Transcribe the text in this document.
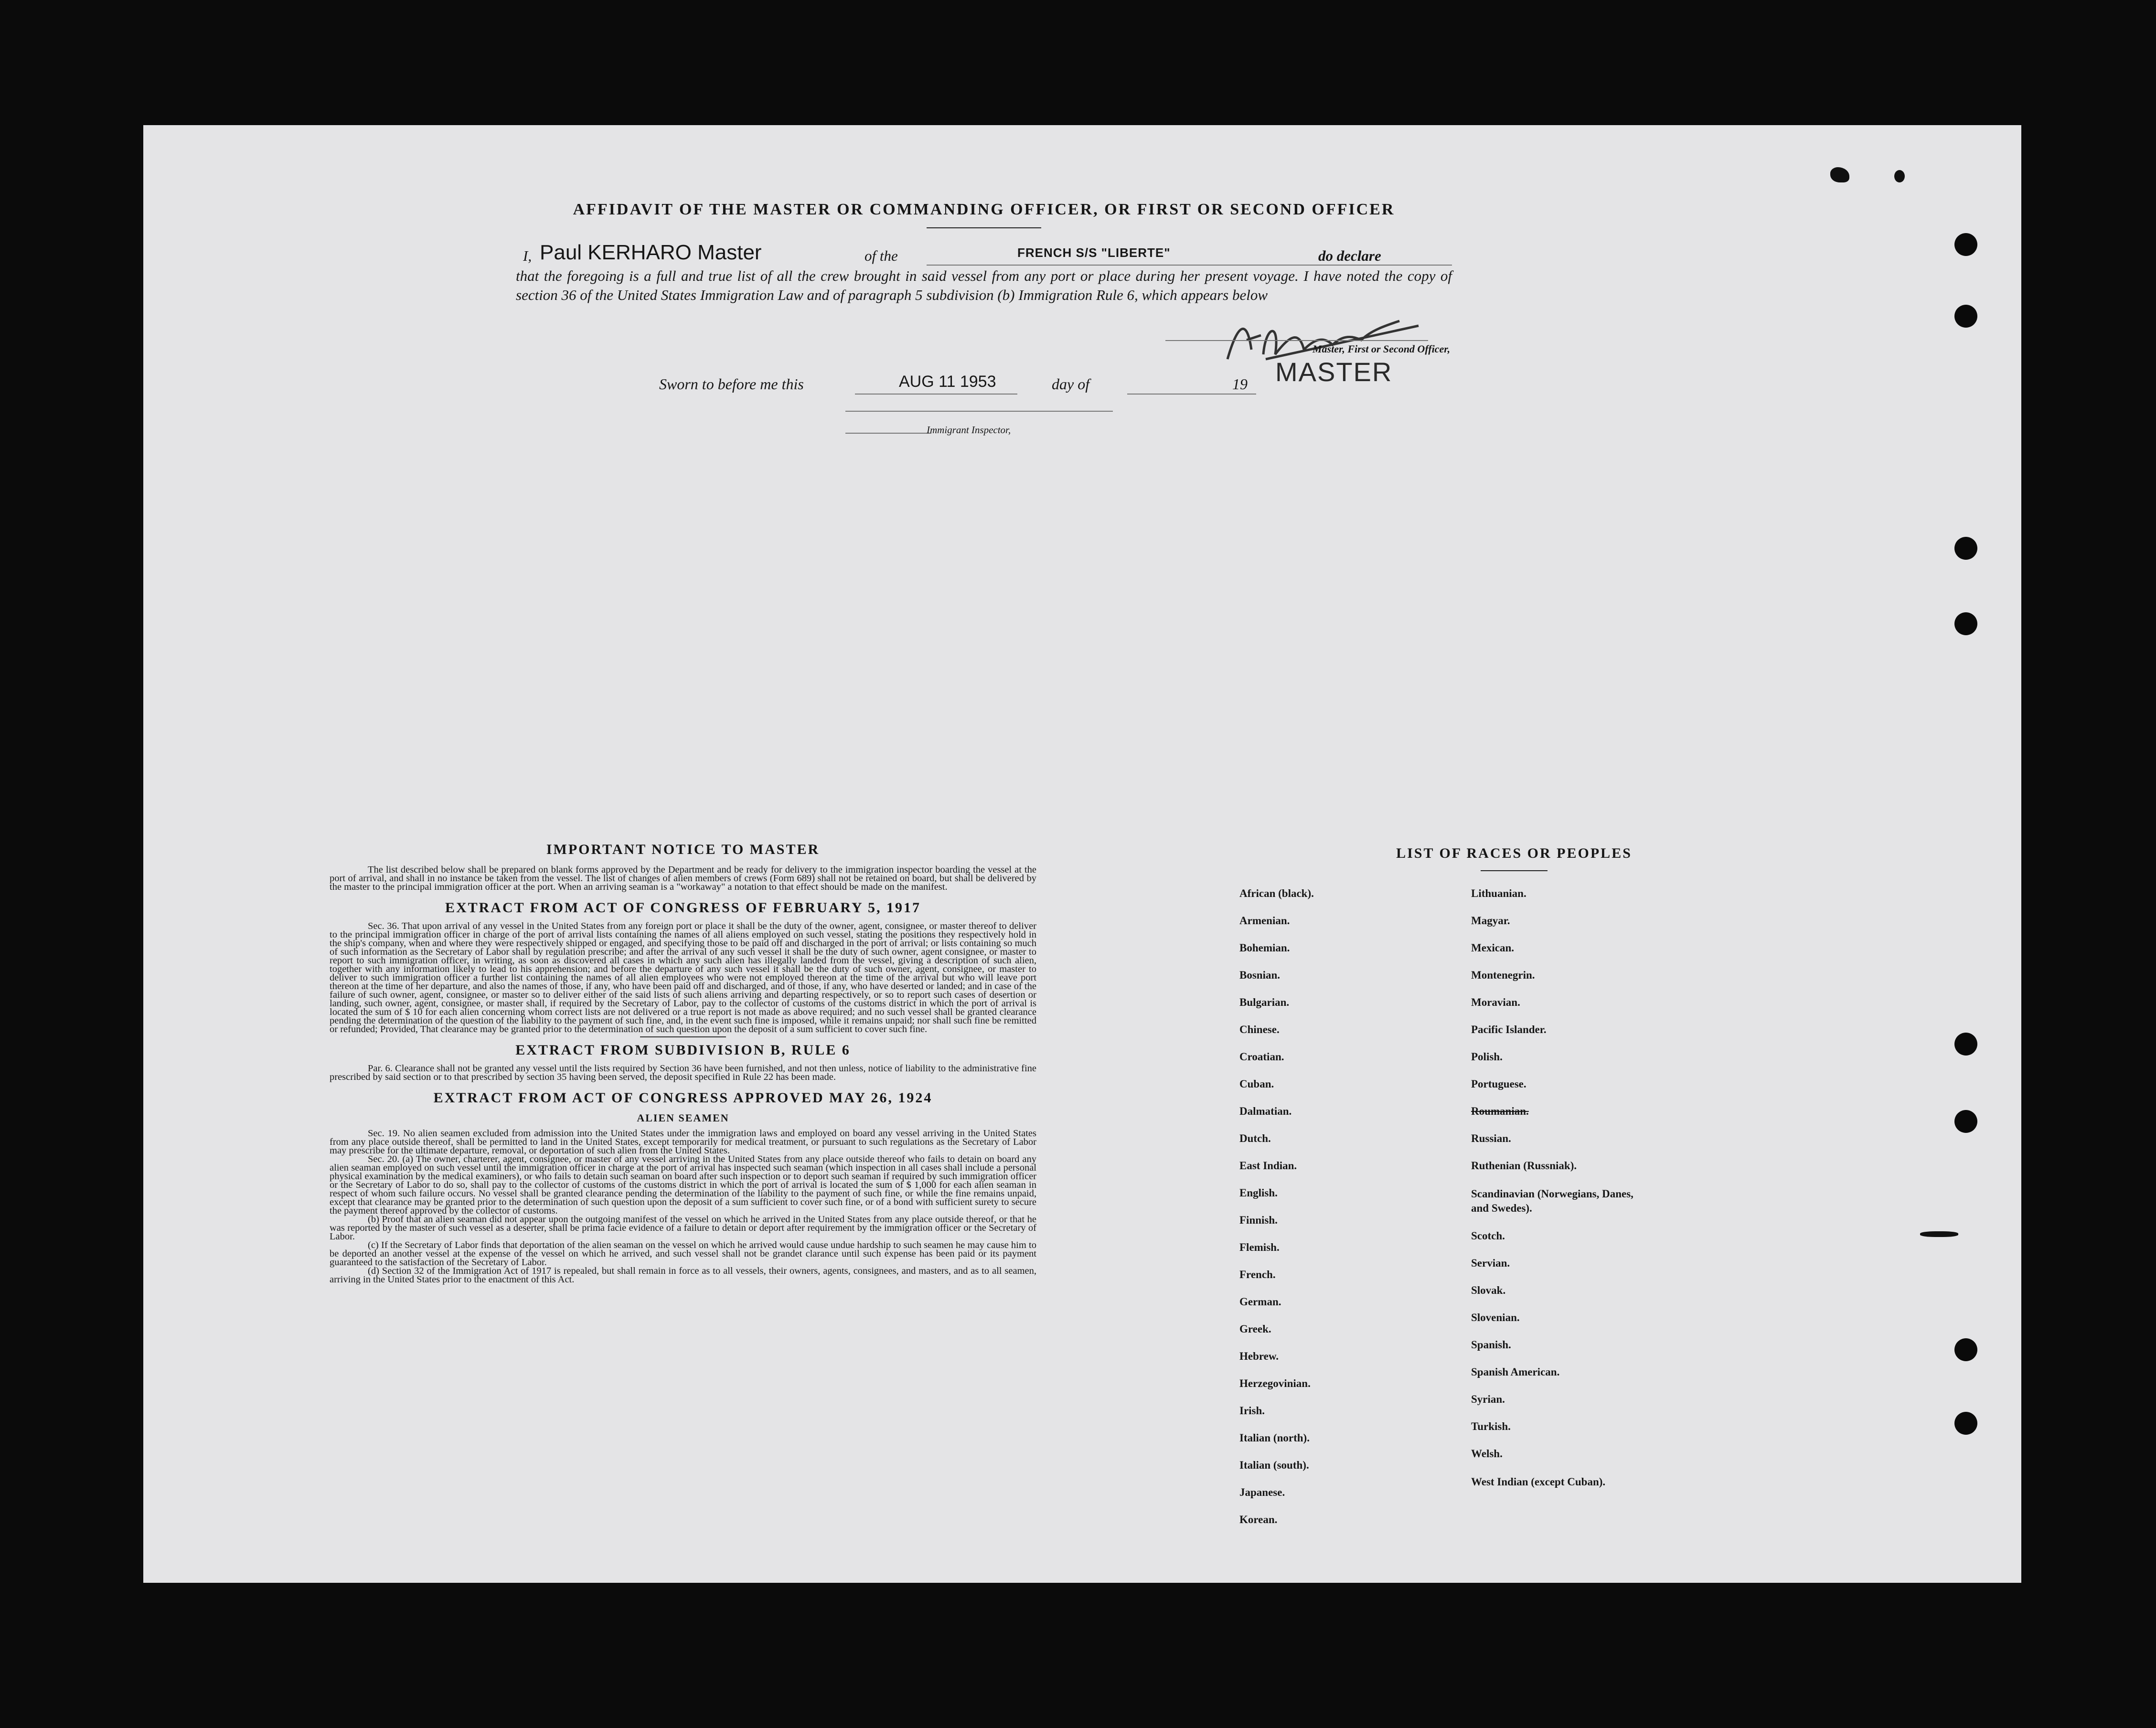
AFFIDAVIT OF THE MASTER OR COMMANDING OFFICER, OR FIRST OR SECOND OFFICER
I, Paul KERHARO Master	of the	FRENCH S/S "LIBERTE"	do declare
that the foregoing is a full and true list of all the crew brought in said vessel from any port or place during her present voyage. I have noted the copy of section 36 of the United States Immigration Law and of paragraph 5 subdivision (b) Immigration Rule 6, which appears below
Master, First or Second Officer,
MASTER
Sworn to before me this	AUG 11 1953	day of	19
Immigrant Inspector,

IMPORTANT NOTICE TO MASTER

The list described below shall be prepared on blank forms approved by the Department and be ready for delivery to the immigration inspector boarding the vessel at the port of arrival, and shall in no instance be taken from the vessel. The list of changes of alien members of crews (Form 689) shall not be retained on board, but shall be delivered by the master to the principal immigration officer at the port. When an arriving seaman is a "workaway" a notation to that effect should be made on the manifest.

EXTRACT FROM ACT OF CONGRESS OF FEBRUARY 5, 1917

Sec. 36. That upon arrival of any vessel in the United States from any foreign port or place it shall be the duty of the owner, agent, consignee, or master thereof to deliver to the principal immigration officer in charge of the port of arrival lists containing the names of all aliens employed on such vessel, stating the positions they respectively hold in the ship's company, when and where they were respectively shipped or engaged, and specifying those to be paid off and discharged in the port of arrival; or lists containing so much of such information as the Secretary of Labor shall by regulation prescribe; and after the arrival of any such vessel it shall be the duty of such owner, agent consignee, or master to report to such immigration officer, in writing, as soon as discovered all cases in which any such alien has illegally landed from the vessel, giving a description of such alien, together with any information likely to lead to his apprehension; and before the departure of any such vessel it shall be the duty of such owner, agent, consignee, or master to deliver to such immigration officer a further list containing the names of all alien employees who were not employed thereon at the time of the arrival but who will leave port thereon at the time of her departure, and also the names of those, if any, who have been paid off and discharged, and of those, if any, who have deserted or landed; and in case of the failure of such owner, agent, consignee, or master so to deliver either of the said lists of such aliens arriving and departing respectively, or so to report such cases of desertion or landing, such owner, agent, consignee, or master shall, if required by the Secretary of Labor, pay to the collector of customs of the customs district in which the port of arrival is located the sum of $ 10 for each alien concerning whom correct lists are not delivered or a true report is not made as above required; and no such vessel shall be granted clearance pending the determination of the question of the liability to the payment of such fine, and, in the event such fine is imposed, while it remains unpaid; nor shall such fine be remitted or refunded; Provided, That clearance may be granted prior to the determination of such question upon the deposit of a sum sufficient to cover such fine.

EXTRACT FROM SUBDIVISION B, RULE 6

Par. 6. Clearance shall not be granted any vessel until the lists required by Section 36 have been furnished, and not then unless, notice of liability to the administrative fine prescribed by said section or to that prescribed by section 35 having been served, the deposit specified in Rule 22 has been made.

EXTRACT FROM ACT OF CONGRESS APPROVED MAY 26, 1924

ALIEN SEAMEN

Sec. 19. No alien seamen excluded from admission into the United States under the immigration laws and employed on board any vessel arriving in the United States from any place outside thereof, shall be permitted to land in the United States, except temporarily for medical treatment, or pursuant to such regulations as the Secretary of Labor may prescribe for the ultimate departure, removal, or deportation of such alien from the United States.

Sec. 20. (a) The owner, charterer, agent, consignee, or master of any vessel arriving in the United States from any place outside thereof who fails to detain on board any alien seaman employed on such vessel until the immigration officer in charge at the port of arrival has inspected such seaman (which inspection in all cases shall include a personal physical examination by the medical examiners), or who fails to detain such seaman on board after such inspection or to deport such seaman if required by such immigration officer or the Secretary of Labor to do so, shall pay to the collector of customs of the customs district in which the port of arrival is located the sum of $ 1,000 for each alien seaman in respect of whom such failure occurs. No vessel shall be granted clearance pending the determination of the liability to the payment of such fine, or while the fine remains unpaid, except that clearance may be granted prior to the determination of such question upon the deposit of a sum sufficient to cover such fine, or of a bond with sufficient surety to secure the payment thereof approved by the collector of customs.

(b) Proof that an alien seaman did not appear upon the outgoing manifest of the vessel on which he arrived in the United States from any place outside thereof, or that he was reported by the master of such vessel as a deserter, shall be prima facie evidence of a failure to detain or deport after requirement by the immigration officer or the Secretary of Labor.

(c) If the Secretary of Labor finds that deportation of the alien seaman on the vessel on which he arrived would cause undue hardship to such seamen he may cause him to be deported an another vessel at the expense of the vessel on which he arrived, and such vessel shall not be grandet clarance until such expense has been paid or its payment guaranteed to the satisfaction of the Secretary of Labor.

(d) Section 32 of the Immigration Act of 1917 is repealed, but shall remain in force as to all vessels, their owners, agents, consignees, and masters, and as to all seamen, arriving in the United States prior to the enactment of this Act.

LIST OF RACES OR PEOPLES
African (black).
Armenian.
Bohemian.
Bosnian.
Bulgarian.
Chinese.
Croatian.
Cuban.
Dalmatian.
Dutch.
East Indian.
English.
Finnish.
Flemish.
French.
German.
Greek.
Hebrew.
Herzegovinian.
Irish.
Italian (north).
Italian (south).
Japanese.
Korean.
Lithuanian.
Magyar.
Mexican.
Montenegrin.
Moravian.
Pacific Islander.
Polish.
Portuguese.
Roumanian.
Russian.
Ruthenian (Russniak).
Scandinavian (Norwegians, Danes, and Swedes).
Scotch.
Servian.
Slovak.
Slovenian.
Spanish.
Spanish American.
Syrian.
Turkish.
Welsh.
West Indian (except Cuban).
